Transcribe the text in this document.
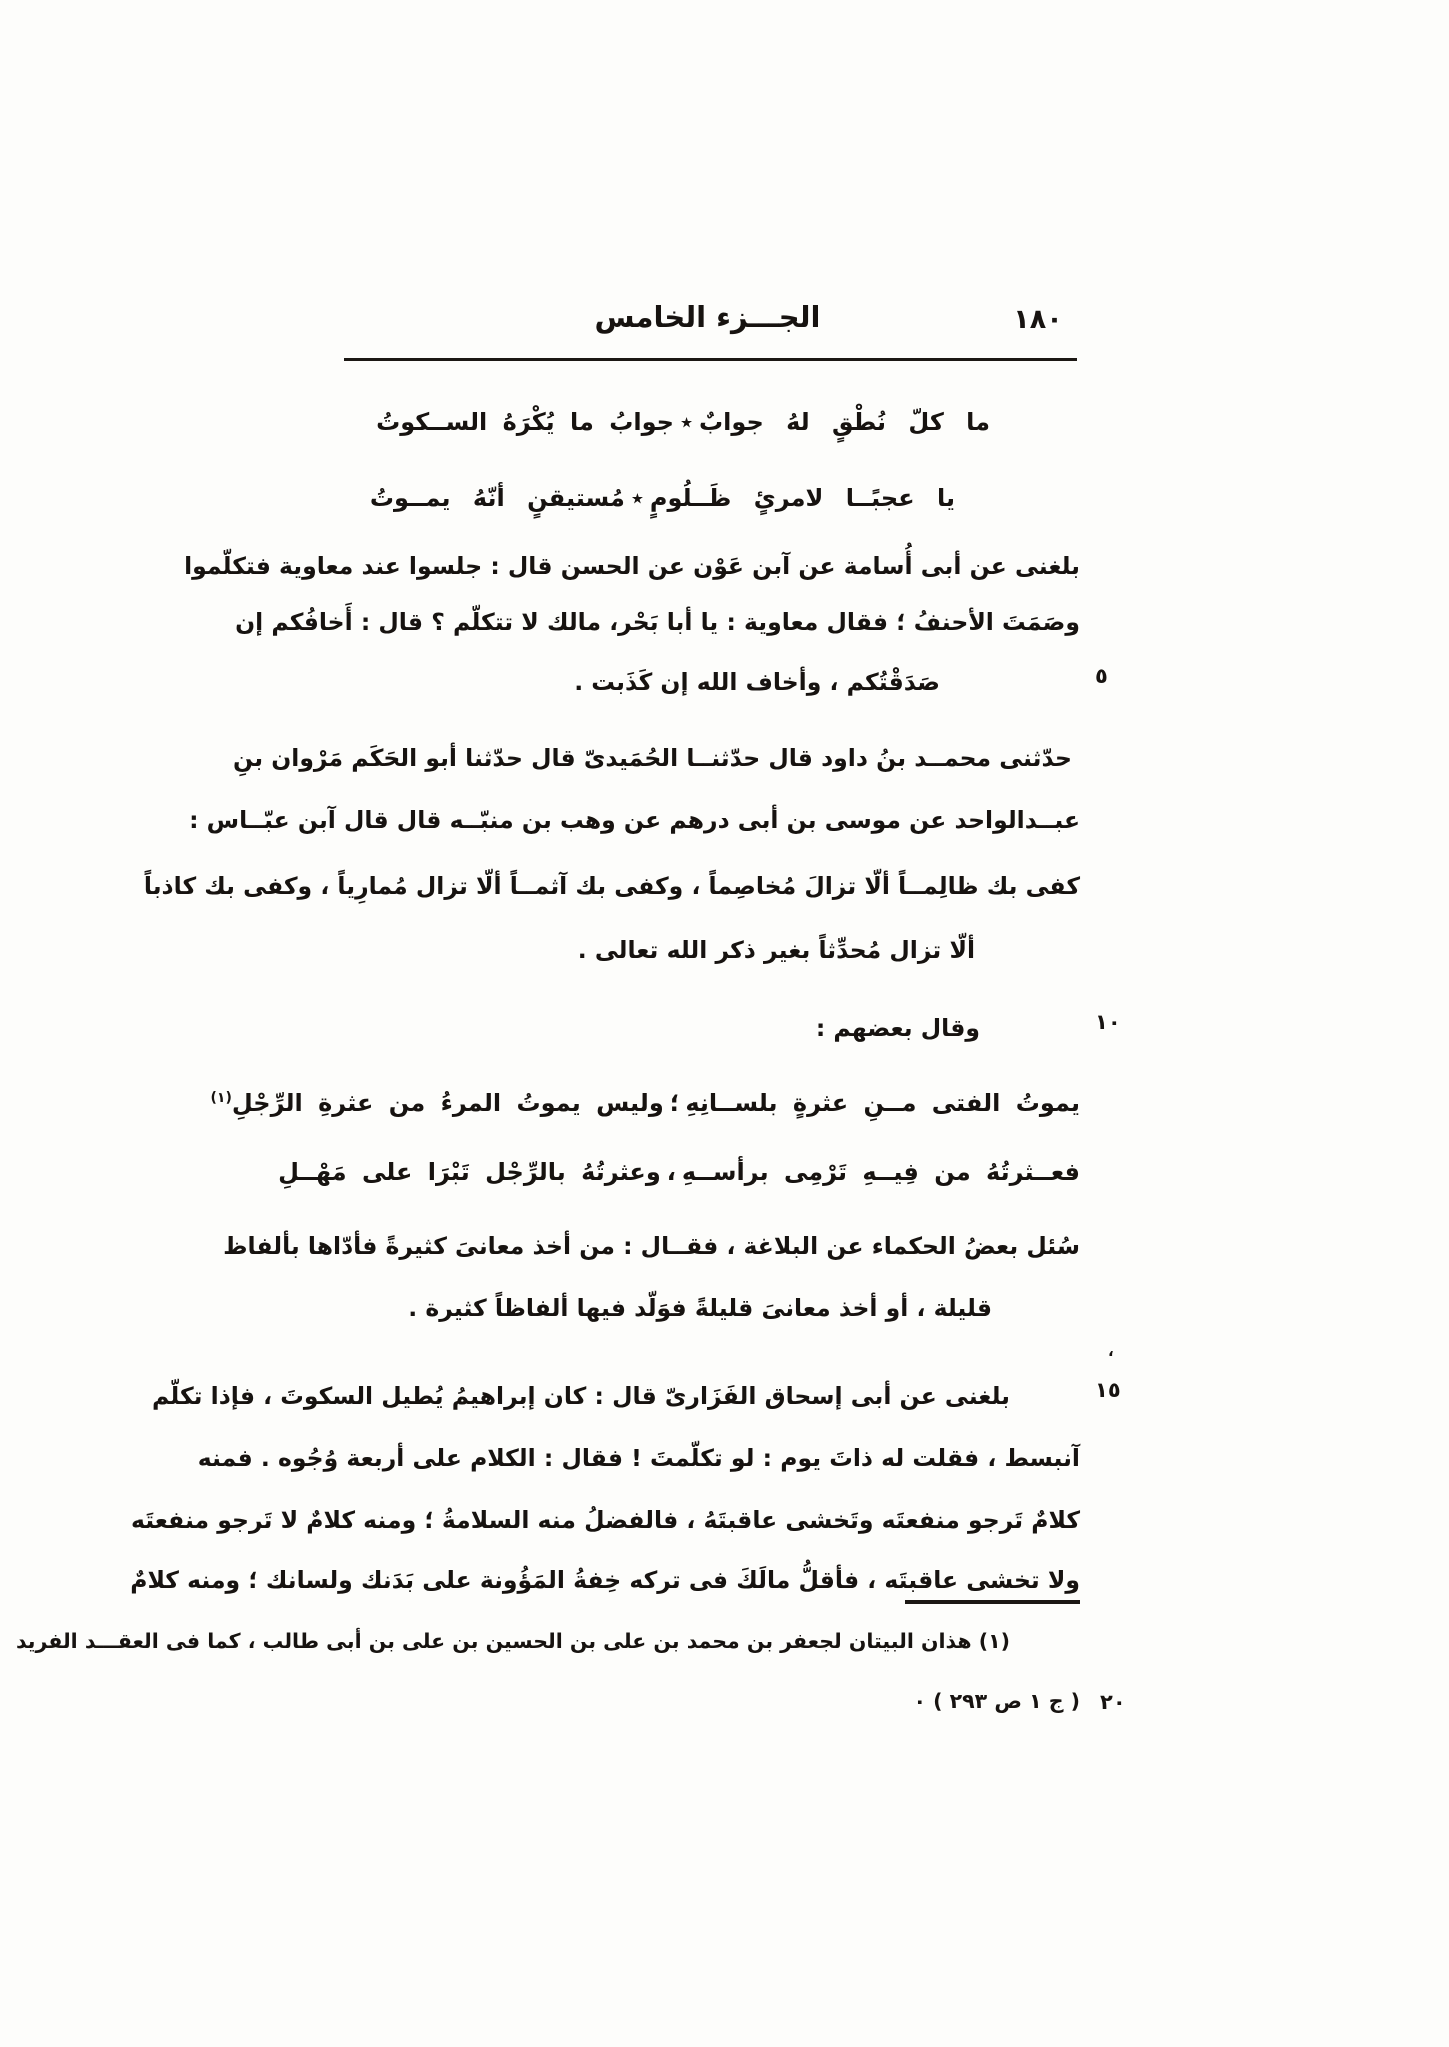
الجـــزء الخامس	١٨٠
ما كلّ نُطْقٍ لهُ جوابٌ
٭
جوابُ ما يُكْرَهُ الســكوتُ
يا عجبًــا لامرئٍ ظَــلُومٍ
٭
مُستيقنٍ أنّهُ يمــوتُ
بلغنى عن أبى أُسامة عن آبن عَوْن عن الحسن قال : جلسوا عند معاوية فتكلّموا
وصَمَتَ الأحنفُ ؛ فقال معاوية : يا أبا بَحْر، مالك لا تتكلّم ؟ قال : أَخافُكم إن
صَدَقْتُكم ، وأخاف الله إن كَذَبت .
حدّثنى محمــد بنُ داود قال حدّثنــا الحُمَيدىّ قال حدّثنا أبو الحَكَم مَرْوان بنِ
عبــدالواحد عن موسى بن أبى درهم عن وهب بن منبّــه قال قال آبن عبّــاس :
كفى بك ظالِمــاً ألّا تزالَ مُخاصِماً ، وكفى بك آثمــاً ألّا تزال مُمارِياً ، وكفى بك كاذباً
ألّا تزال مُحدِّثاً بغير ذكر الله تعالى .
وقال بعضهم :
يموتُ الفتى مــنِ عثرةٍ بلســانِهِ
؛
وليس يموتُ المرءُ من عثرةِ الرِّجْلِ$^{(١)}$
فعــثرتُهُ من فِيــهِ تَرْمِى برأســهِ
،
وعثرتُهُ بالرِّجْل تَبْرَا على مَهْــلِ
سُئل بعضُ الحكماء عن البلاغة ، فقــال : من أخذ معانىَ كثيرةً فأدّاها بألفاظ
قليلة ، أو أخذ معانىَ قليلةً فوَلّد فيها ألفاظاً كثيرة .
بلغنى عن أبى إسحاق الفَزَارىّ قال : كان إبراهيمُ يُطيل السكوتَ ، فإذا تكلّم
آنبسط ، فقلت له ذاتَ يوم : لو تكلّمتَ ! فقال : الكلام على أربعة وُجُوه . فمنه
كلامٌ تَرجو منفعتَه وتَخشى عاقبتَهُ ، فالفضلُ منه السلامةُ ؛ ومنه كلامٌ لا تَرجو منفعتَه
ولا تخشى عاقبتَه ، فأقلُّ مالَكَ فى تركه خِفةُ المَؤُونة على بَدَنك ولسانك ؛ ومنه كلامٌ
٥
١٠
،
١٥
٢٠
(١) هذان البيتان لجعفر بن محمد بن على بن الحسين بن على بن أبى طالب ، كما فى العقـــد الفريد
( ج ١ ص ٢٩٣ ) ٠
